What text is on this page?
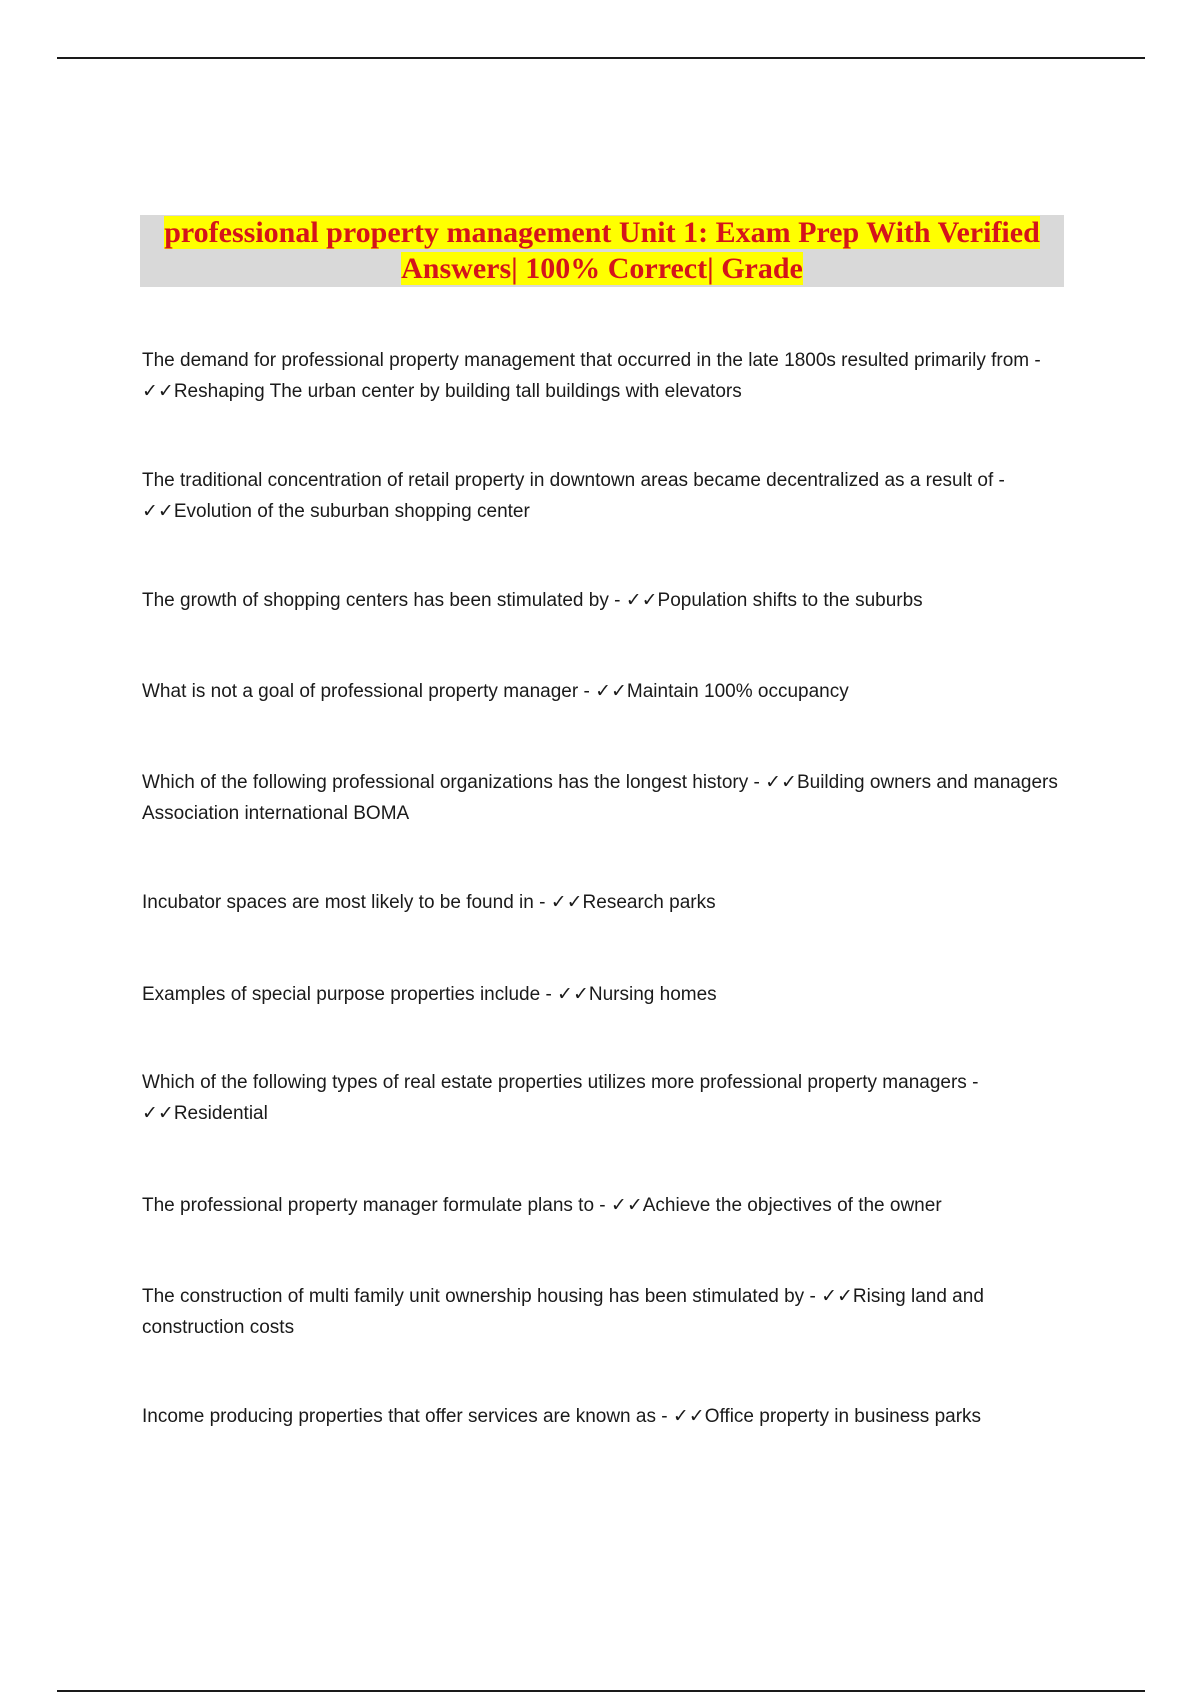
professional property management Unit 1: Exam Prep With Verified Answers| 100% Correct| Grade
The demand for professional property management that occurred in the late 1800s resulted primarily from - ✓✓Reshaping The urban center by building tall buildings with elevators
The traditional concentration of retail property in downtown areas became decentralized as a result of - ✓✓Evolution of the suburban shopping center
The growth of shopping centers has been stimulated by - ✓✓Population shifts to the suburbs
What is not a goal of professional property manager - ✓✓Maintain 100% occupancy
Which of the following professional organizations has the longest history - ✓✓Building owners and managers Association international BOMA
Incubator spaces are most likely to be found in - ✓✓Research parks
Examples of special purpose properties include - ✓✓Nursing homes
Which of the following types of real estate properties utilizes more professional property managers - ✓✓Residential
The professional property manager formulate plans to - ✓✓Achieve the objectives of the owner
The construction of multi family unit ownership housing has been stimulated by - ✓✓Rising land and construction costs
Income producing properties that offer services are known as - ✓✓Office property in business parks
